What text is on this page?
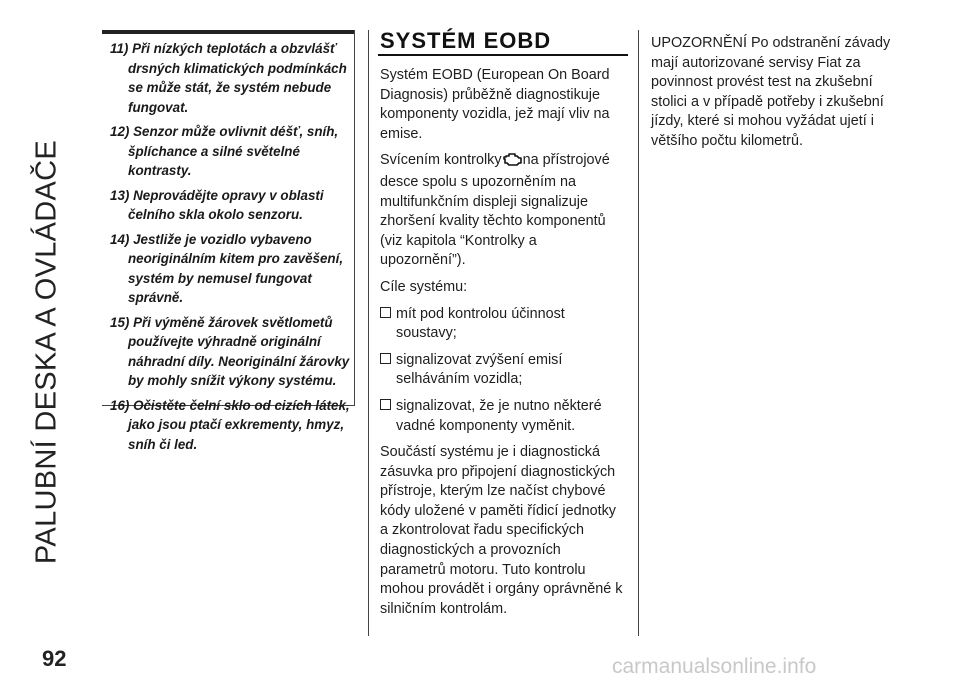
PALUBNÍ DESKA A OVLÁDAČE
11) Při nízkých teplotách a obzvlášť drsných klimatických podmínkách se může stát, že systém nebude fungovat.
12) Senzor může ovlivnit déšť, sníh, šplíchance a silné světelné kontrasty.
13) Neprovádějte opravy v oblasti čelního skla okolo senzoru.
14) Jestliže je vozidlo vybaveno neoriginálním kitem pro zavěšení, systém by nemusel fungovat správně.
15) Při výměně žárovek světlometů používejte výhradně originální náhradní díly. Neoriginální žárovky by mohly snížit výkony systému.
16) Očistěte čelní sklo od cizích látek, jako jsou ptačí exkrementy, hmyz, sníh či led.
SYSTÉM EOBD

Systém EOBD (European On Board Diagnosis) průběžně diagnostikuje komponenty vozidla, jež mají vliv na emise.

Svícením kontrolky na přístrojové desce spolu s upozorněním na multifunkčním displeji signalizuje zhoršení kvality těchto komponentů (viz kapitola “Kontrolky a upozornění”).

Cíle systému:

mít pod kontrolou účinnost soustavy;

signalizovat zvýšení emisí selháváním vozidla;

signalizovat, že je nutno některé vadné komponenty vyměnit.

Součástí systému je i diagnostická zásuvka pro připojení diagnostických přístroje, kterým lze načíst chybové kódy uložené v paměti řídicí jednotky a zkontrolovat řadu specifických diagnostických a provozních parametrů motoru. Tuto kontrolu mohou provádět i orgány oprávněné k silničním kontrolám.

UPOZORNĚNÍ Po odstranění závady mají autorizované servisy Fiat za povinnost provést test na zkušební stolici a v případě potřeby i zkušební jízdy, které si mohou vyžádat ujetí i většího počtu kilometrů.

92	carmanualsonline.info
